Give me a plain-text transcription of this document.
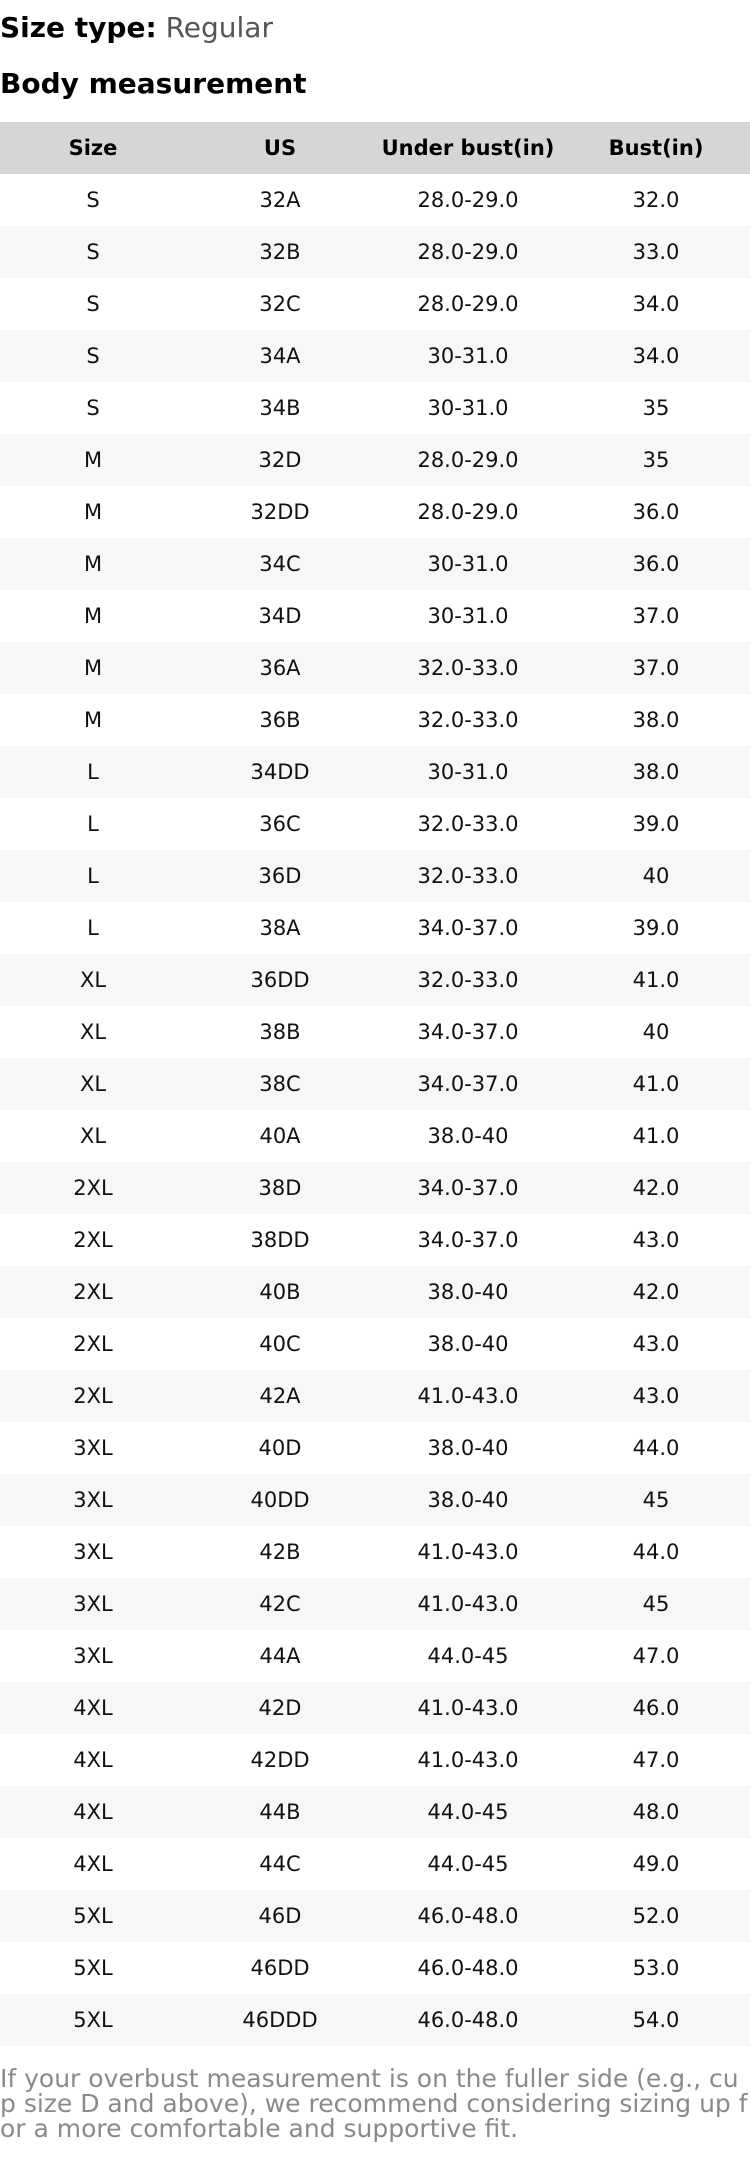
Size type: Regular
Body measurement
Size	US	Under bust(in)	Bust(in)
S	32A	28.0-29.0	32.0
S	32B	28.0-29.0	33.0
S	32C	28.0-29.0	34.0
S	34A	30-31.0	34.0
S	34B	30-31.0	35
M	32D	28.0-29.0	35
M	32DD	28.0-29.0	36.0
M	34C	30-31.0	36.0
M	34D	30-31.0	37.0
M	36A	32.0-33.0	37.0
M	36B	32.0-33.0	38.0
L	34DD	30-31.0	38.0
L	36C	32.0-33.0	39.0
L	36D	32.0-33.0	40
L	38A	34.0-37.0	39.0
XL	36DD	32.0-33.0	41.0
XL	38B	34.0-37.0	40
XL	38C	34.0-37.0	41.0
XL	40A	38.0-40	41.0
2XL	38D	34.0-37.0	42.0
2XL	38DD	34.0-37.0	43.0
2XL	40B	38.0-40	42.0
2XL	40C	38.0-40	43.0
2XL	42A	41.0-43.0	43.0
3XL	40D	38.0-40	44.0
3XL	40DD	38.0-40	45
3XL	42B	41.0-43.0	44.0
3XL	42C	41.0-43.0	45
3XL	44A	44.0-45	47.0
4XL	42D	41.0-43.0	46.0
4XL	42DD	41.0-43.0	47.0
4XL	44B	44.0-45	48.0
4XL	44C	44.0-45	49.0
5XL	46D	46.0-48.0	52.0
5XL	46DD	46.0-48.0	53.0
5XL	46DDD	46.0-48.0	54.0
If your overbust measurement is on the fuller side (e.g., cup size D and above), we recommend considering sizing up for a more comfortable and supportive fit.
